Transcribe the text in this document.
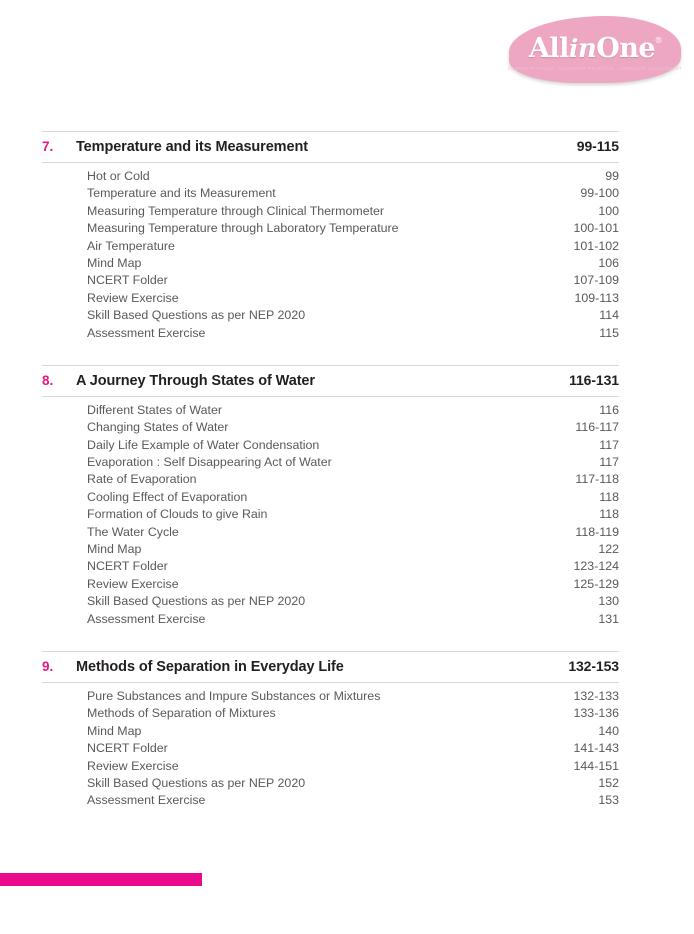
AllinOne ®
COMPLETE STUDY · COMPLETE PRACTICE · COMPLETE ASSESSMENT
7.	Temperature and its Measurement	99-115
Hot or Cold	99
Temperature and its Measurement	99-100
Measuring Temperature through Clinical Thermometer	100
Measuring Temperature through Laboratory Temperature	100-101
Air Temperature	101-102
Mind Map	106
NCERT Folder	107-109
Review Exercise	109-113
Skill Based Questions as per NEP 2020	114
Assessment Exercise	115
8.	A Journey Through States of Water	116-131
Different States of Water	116
Changing States of Water	116-117
Daily Life Example of Water Condensation	117
Evaporation : Self Disappearing Act of Water	117
Rate of Evaporation	117-118
Cooling Effect of Evaporation	118
Formation of Clouds to give Rain	118
The Water Cycle	118-119
Mind Map	122
NCERT Folder	123-124
Review Exercise	125-129
Skill Based Questions as per NEP 2020	130
Assessment Exercise	131
9.	Methods of Separation in Everyday Life	132-153
Pure Substances and Impure Substances or Mixtures	132-133
Methods of Separation of Mixtures	133-136
Mind Map	140
NCERT Folder	141-143
Review Exercise	144-151
Skill Based Questions as per NEP 2020	152
Assessment Exercise	153
